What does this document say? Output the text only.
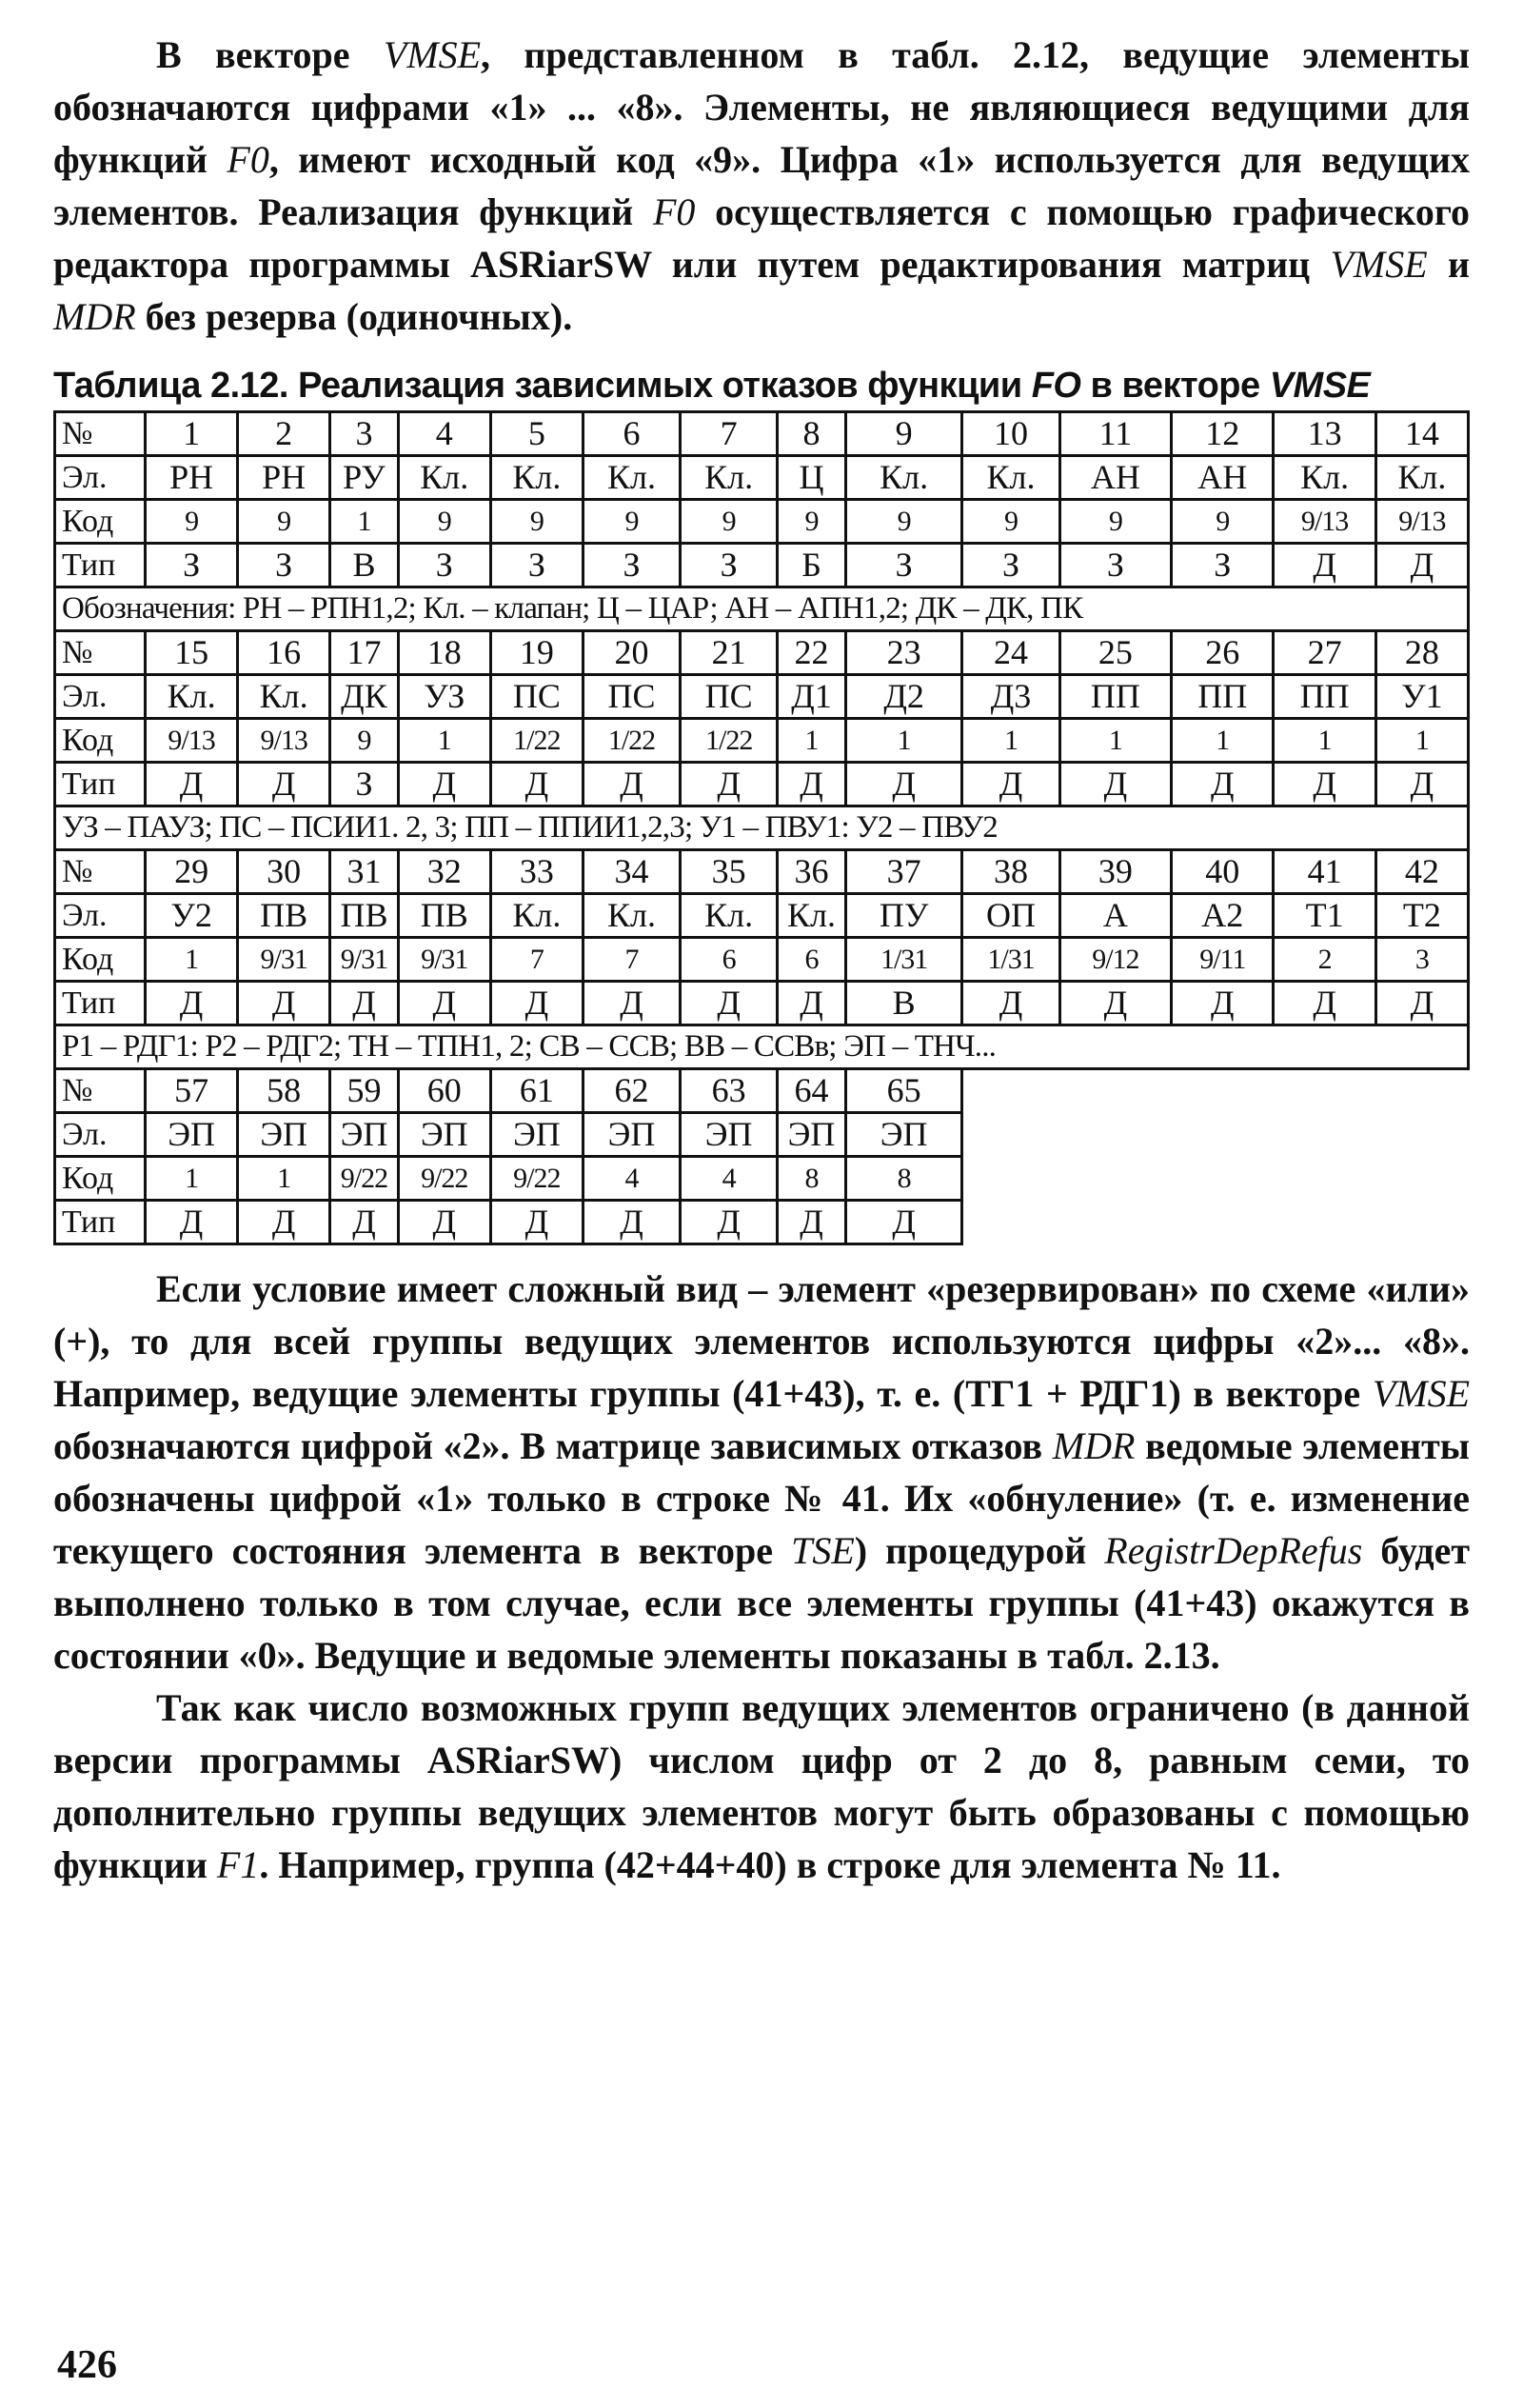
В векторе VMSE, представленном в табл. 2.12, ведущие элементы обозначаются цифрами «1» ... «8». Элементы, не являющиеся ведущими для функций F0, имеют исходный код «9». Цифра «1» используется для ведущих элементов. Реализация функций F0 осуществляется с помощью графического редактора программы ASRiarSW или путем редактирования матриц VMSE и MDR без резерва (одиночных).

Таблица 2.12. Реализация зависимых отказов функции FO в векторе VMSE
№	1	2	3	4	5	6	7	8	9	10	11	12	13	14
Эл.	РН	РН	РУ	Кл.	Кл.	Кл.	Кл.	Ц	Кл.	Кл.	АН	АН	Кл.	Кл.
Код	9	9	1	9	9	9	9	9	9	9	9	9	9/13	9/13
Тип	З	З	В	З	З	З	З	Б	З	З	З	З	Д	Д
Обозначения: РН – РПН1,2; Кл. – клапан; Ц – ЦАР; АН – АПН1,2; ДК – ДК, ПК														
№	15	16	17	18	19	20	21	22	23	24	25	26	27	28
Эл.	Кл.	Кл.	ДК	УЗ	ПС	ПС	ПС	Д1	Д2	Д3	ПП	ПП	ПП	У1
Код	9/13	9/13	9	1	1/22	1/22	1/22	1	1	1	1	1	1	1
Тип	Д	Д	З	Д	Д	Д	Д	Д	Д	Д	Д	Д	Д	Д
УЗ – ПАУЗ; ПС – ПСИИ1. 2, 3; ПП – ППИИ1,2,3; У1 – ПВУ1: У2 – ПВУ2														
№	29	30	31	32	33	34	35	36	37	38	39	40	41	42
Эл.	У2	ПВ	ПВ	ПВ	Кл.	Кл.	Кл.	Кл.	ПУ	ОП	А	А2	Т1	Т2
Код	1	9/31	9/31	9/31	7	7	6	6	1/31	1/31	9/12	9/11	2	3
Тип	Д	Д	Д	Д	Д	Д	Д	Д	В	Д	Д	Д	Д	Д
Р1 – РДГ1: Р2 – РДГ2; ТН – ТПН1, 2; СВ – ССВ; ВВ – ССВв; ЭП – ТНЧ...														
№	57	58	59	60	61	62	63	64	65					
Эл.	ЭП	ЭП	ЭП	ЭП	ЭП	ЭП	ЭП	ЭП	ЭП					
Код	1	1	9/22	9/22	9/22	4	4	8	8					
Тип	Д	Д	Д	Д	Д	Д	Д	Д	Д					

Если условие имеет сложный вид – элемент «резервирован» по схеме «или» (+), то для всей группы ведущих элементов используются цифры «2»... «8». Например, ведущие элементы группы (41+43), т. е. (ТГ1 + РДГ1) в векторе VMSE обозначаются цифрой «2». В матрице зависимых отказов MDR ведомые элементы обозначены цифрой «1» только в строке № 41. Их «обнуление» (т. е. изменение текущего состояния элемента в векторе TSE) процедурой RegistrDepRefus будет выполнено только в том случае, если все элементы группы (41+43) окажутся в состоянии «0». Ведущие и ведомые элементы показаны в табл. 2.13.

Так как число возможных групп ведущих элементов ограничено (в данной версии программы ASRiarSW) числом цифр от 2 до 8, равным семи, то дополнительно группы ведущих элементов могут быть образованы с помощью функции F1. Например, группа (42+44+40) в строке для элемента № 11.

426
